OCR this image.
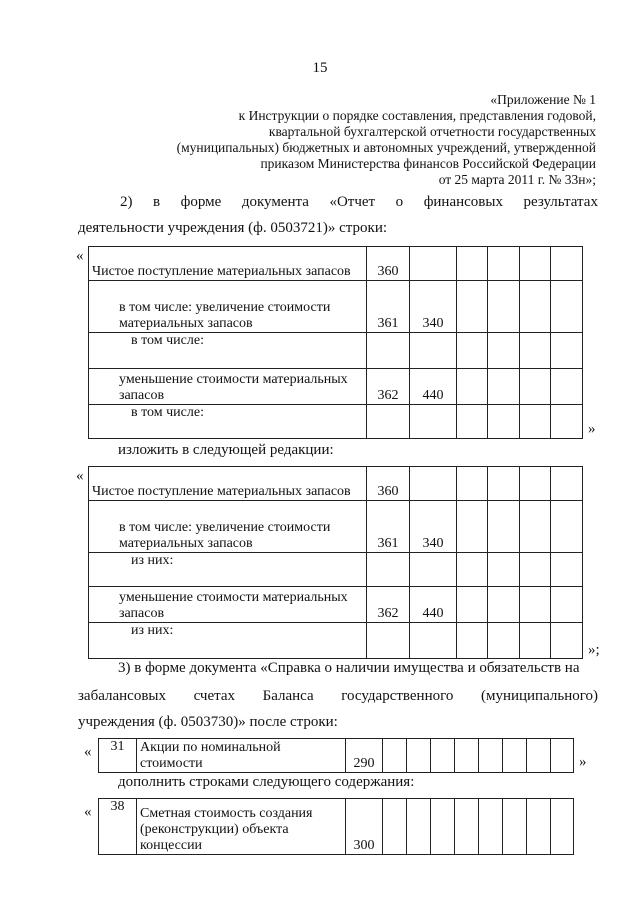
15
«Приложение № 1
к Инструкции о порядке составления, представления годовой,
квартальной бухгалтерской отчетности государственных
(муниципальных) бюджетных и автономных учреждений, утвержденной
приказом Министерства финансов Российской Федерации
от 25 марта 2011 г. № 33н»;
2) в форме документа «Отчет о финансовых результатах
деятельности учреждения (ф. 0503721)» строки:
«
Чистое поступление материальных запасов	360					
в том числе: увеличение стоимости материальных запасов	361	340				
в том числе:						
уменьшение стоимости материальных запасов	362	440				
в том числе:						
»
изложить в следующей редакции:
«
Чистое поступление материальных запасов	360					
в том числе: увеличение стоимости материальных запасов	361	340				
из них:						
уменьшение стоимости материальных запасов	362	440				
из них:						
»;
3) в форме документа «Справка о наличии имущества и обязательств на
забалансовых счетах Баланса государственного (муниципального)
учреждения (ф. 0503730)» после строки:
« 31	Акции по номинальной стоимости	290									»
дополнить строками следующего содержания:
« 38	Сметная стоимость создания (реконструкции) объекта концессии	300								
